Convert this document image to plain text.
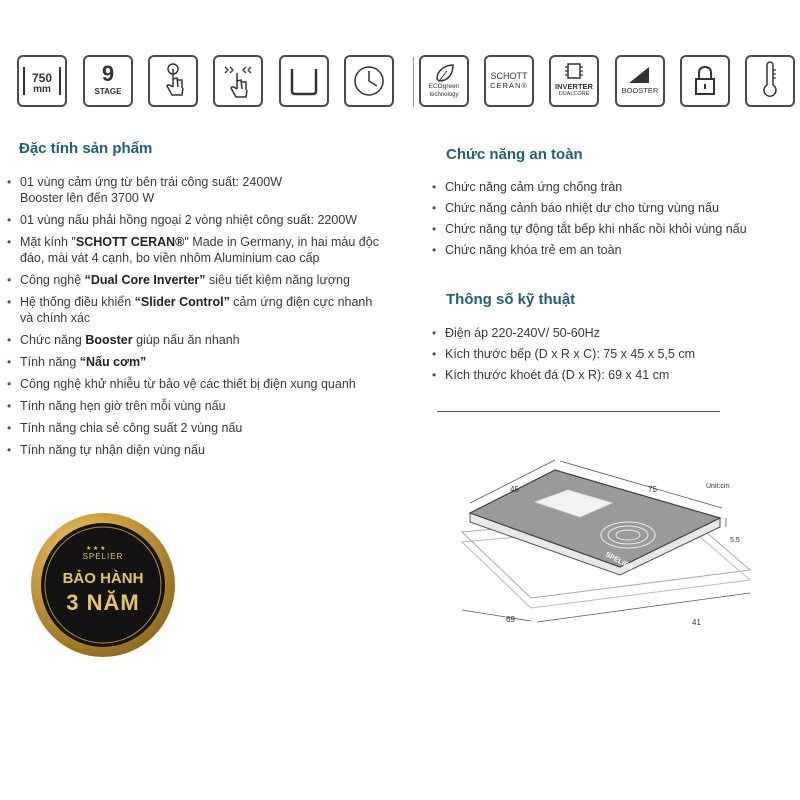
750
mm
9
STAGE
ECOgreen
technology
SCHOTT
CERAN®	INVERTER
DUALCORE	BOOSTER
Đặc tính sản phẩm
• 01 vùng cảm ứng từ bên trái công suất: 2400W
Booster lên đến 3700 W
• 01 vùng nấu phải hồng ngoại 2 vòng nhiệt công suất: 2200W
• Mặt kính "SCHOTT CERAN®" Made in Germany, in hai màu độc
đáo, mài vát 4 cạnh, bo viền nhôm Aluminium cao cấp
• Công nghệ “Dual Core Inverter” siêu tiết kiệm năng lượng
• Hệ thống điều khiển “Slider Control” cảm ứng điện cực nhanh
và chính xác
• Chức năng Booster giúp nấu ăn nhanh
• Tính năng “Nấu cơm”
• Công nghệ khử nhiễu từ bảo vệ các thiết bị điện xung quanh
• Tính năng hẹn giờ trên mỗi vùng nấu
• Tính năng chia sẻ công suất 2 vùng nấu
• Tính năng tự nhận diện vùng nấu
Chức năng an toàn
• Chức năng cảm ứng chống tràn
• Chức năng cảnh báo nhiệt dư cho từng vùng nấu
• Chức năng tự động tắt bếp khi nhấc nồi khỏi vùng nấu
• Chức năng khóa trẻ em an toàn
Thông số kỹ thuật
• Điện áp 220-240V/ 50-60Hz
• Kích thước bếp (D x R x C): 75 x 45 x 5,5 cm
• Kích thước khoét đá (D x R): 69 x 41 cm
★ ★ ★
SPELIER
BẢO HÀNH
3 NĂM
45	75	Unit:cm
5.5
69	41
SPELIER
